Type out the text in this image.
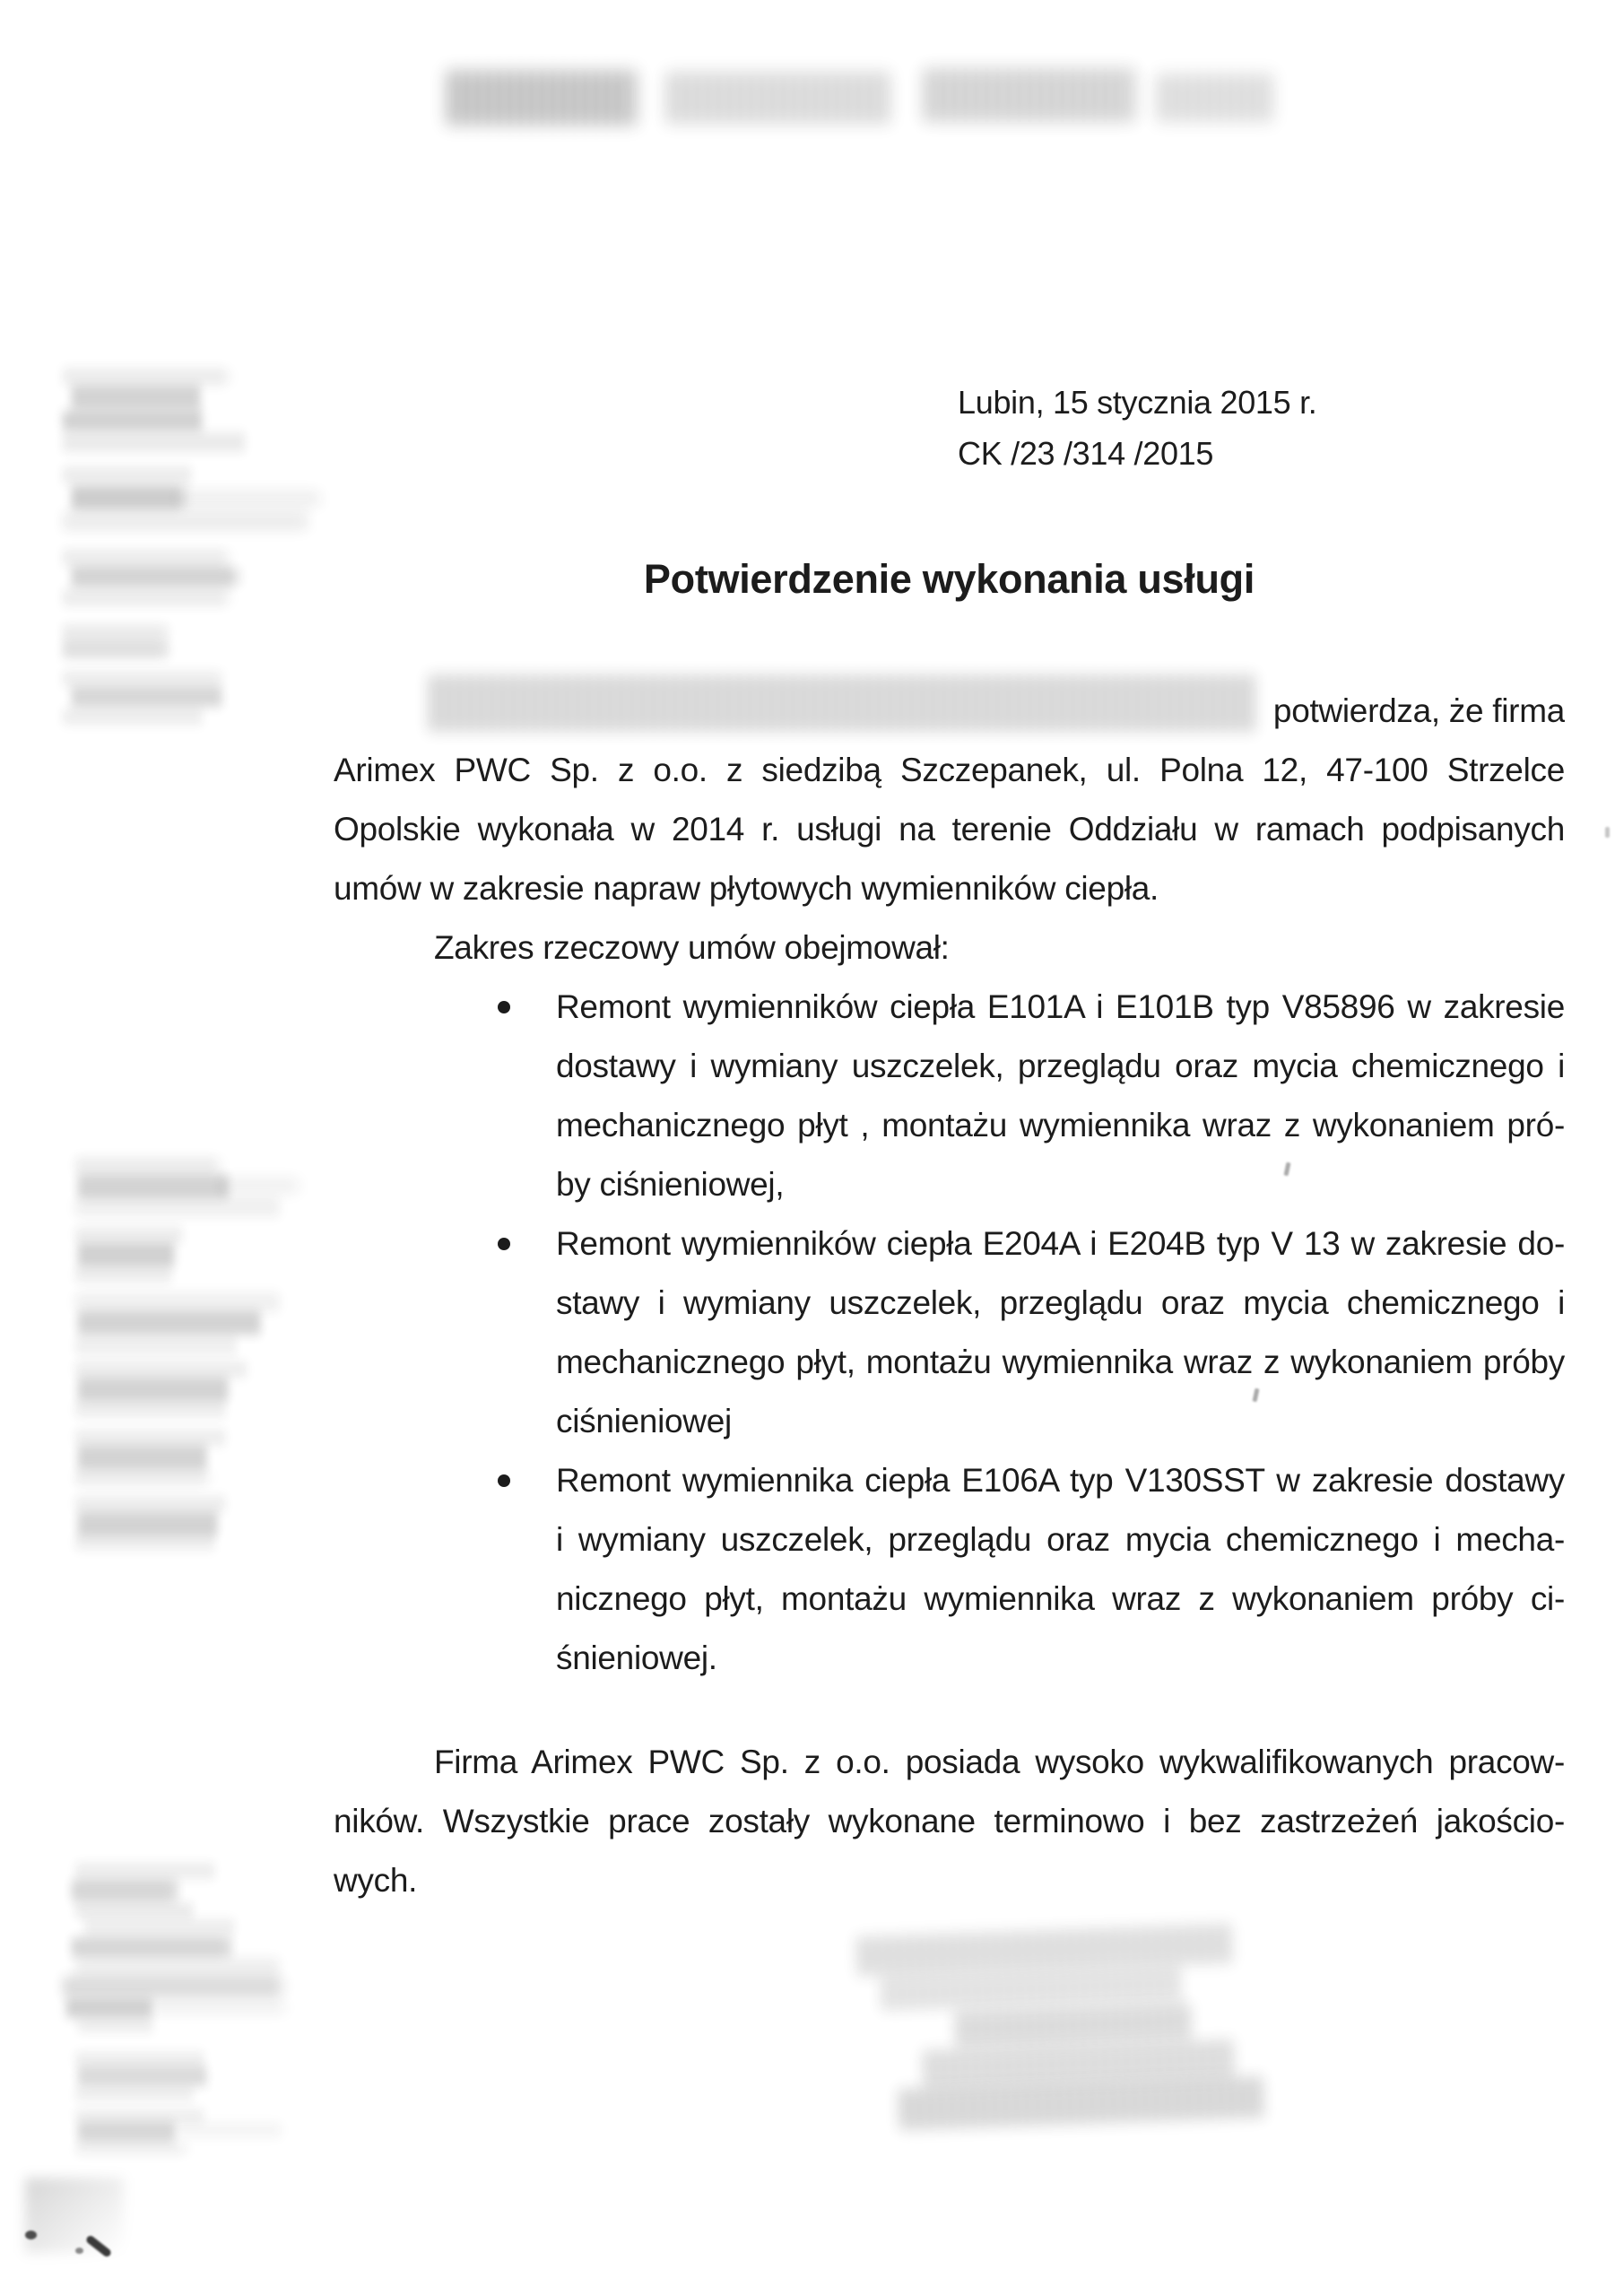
Lubin, 15 stycznia 2015 r.
CK /23 /314 /2015
Potwierdzenie wykonania usługi
potwierdza, że firma
Arimex PWC Sp. z o.o. z siedzibą Szczepanek, ul. Polna 12, 47-100 Strzelce
Opolskie wykonała w 2014 r. usługi na terenie Oddziału w ramach podpisanych
umów w zakresie napraw płytowych wymienników ciepła.
Zakres rzeczowy umów obejmował:
Remont wymienników ciepła E101A i E101B typ V85896 w zakresie
dostawy i wymiany uszczelek, przeglądu oraz mycia chemicznego i
mechanicznego płyt , montażu wymiennika wraz z wykonaniem pró-
by ciśnieniowej,
Remont wymienników ciepła E204A i E204B typ V 13 w zakresie do-
stawy i wymiany uszczelek, przeglądu oraz mycia chemicznego i
mechanicznego płyt, montażu wymiennika wraz z wykonaniem próby
ciśnieniowej
Remont wymiennika ciepła E106A typ V130SST w zakresie dostawy
i wymiany uszczelek, przeglądu oraz mycia chemicznego i mecha-
nicznego płyt, montażu wymiennika wraz z wykonaniem próby ci-
śnieniowej.
Firma Arimex PWC Sp. z o.o. posiada wysoko wykwalifikowanych pracow-
ników. Wszystkie prace zostały wykonane terminowo i bez zastrzeżeń jakościo-
wych.
